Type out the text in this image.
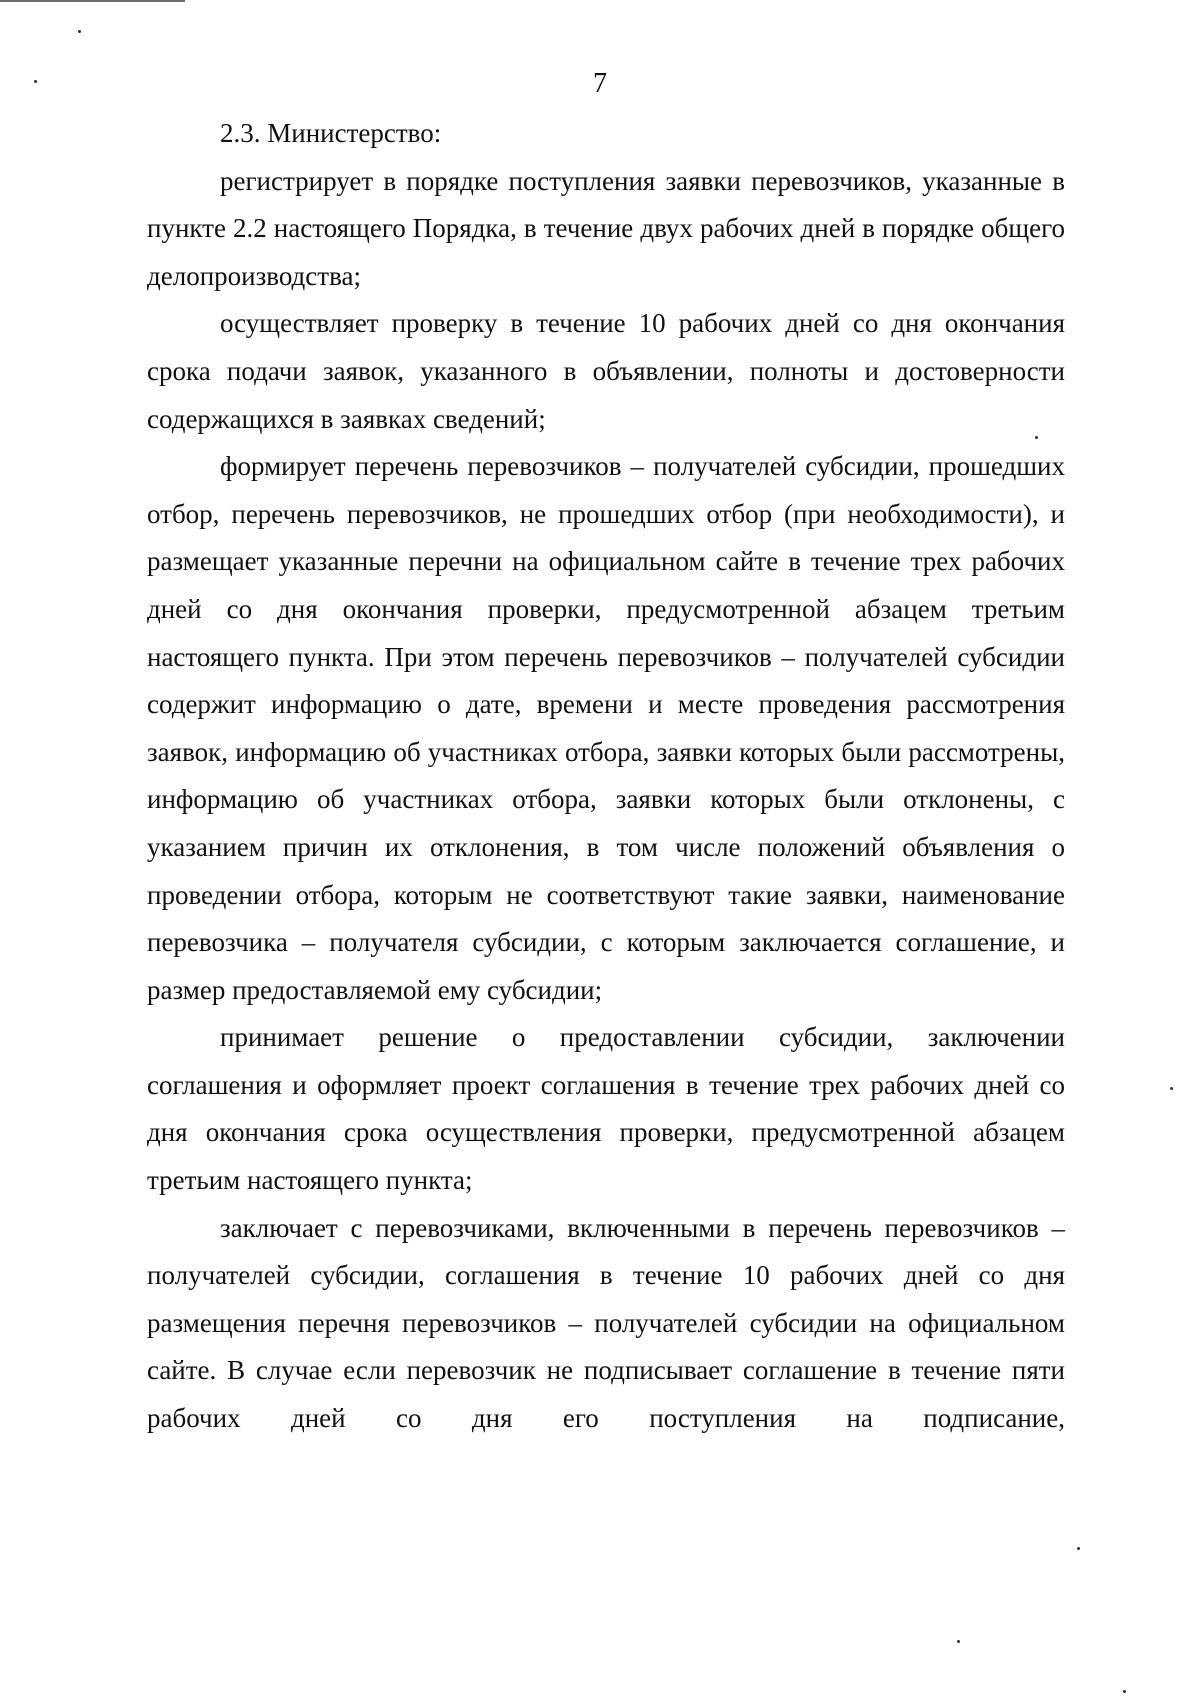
7

2.3. Министерство:

регистрирует в порядке поступления заявки перевозчиков, указанные в пункте 2.2 настоящего Порядка, в течение двух рабочих дней в порядке общего делопроизводства;

осуществляет проверку в течение 10 рабочих дней со дня окончания срока подачи заявок, указанного в объявлении, полноты и достоверности содержащихся в заявках сведений;

формирует перечень перевозчиков – получателей субсидии, прошедших отбор, перечень перевозчиков, не прошедших отбор (при необходимости), и размещает указанные перечни на официальном сайте в течение трех рабочих дней со дня окончания проверки, предусмотренной абзацем третьим настоящего пункта. При этом перечень перевозчиков – получателей субсидии содержит информацию о дате, времени и месте проведения рассмотрения заявок, информацию об участниках отбора, заявки которых были рассмотрены, информацию об участниках отбора, заявки которых были отклонены, с указанием причин их отклонения, в том числе положений объявления о проведении отбора, которым не соответствуют такие заявки, наименование перевозчика – получателя субсидии, с которым заключается соглашение, и размер предоставляемой ему субсидии;

принимает решение о предоставлении субсидии, заключении соглашения и оформляет проект соглашения в течение трех рабочих дней со дня окончания срока осуществления проверки, предусмотренной абзацем третьим настоящего пункта;

заключает с перевозчиками, включенными в перечень перевозчиков – получателей субсидии, соглашения в течение 10 рабочих дней со дня размещения перечня перевозчиков – получателей субсидии на официальном сайте. В случае если перевозчик не подписывает соглашение в течение пяти рабочих дней со дня его поступления на подписание,
